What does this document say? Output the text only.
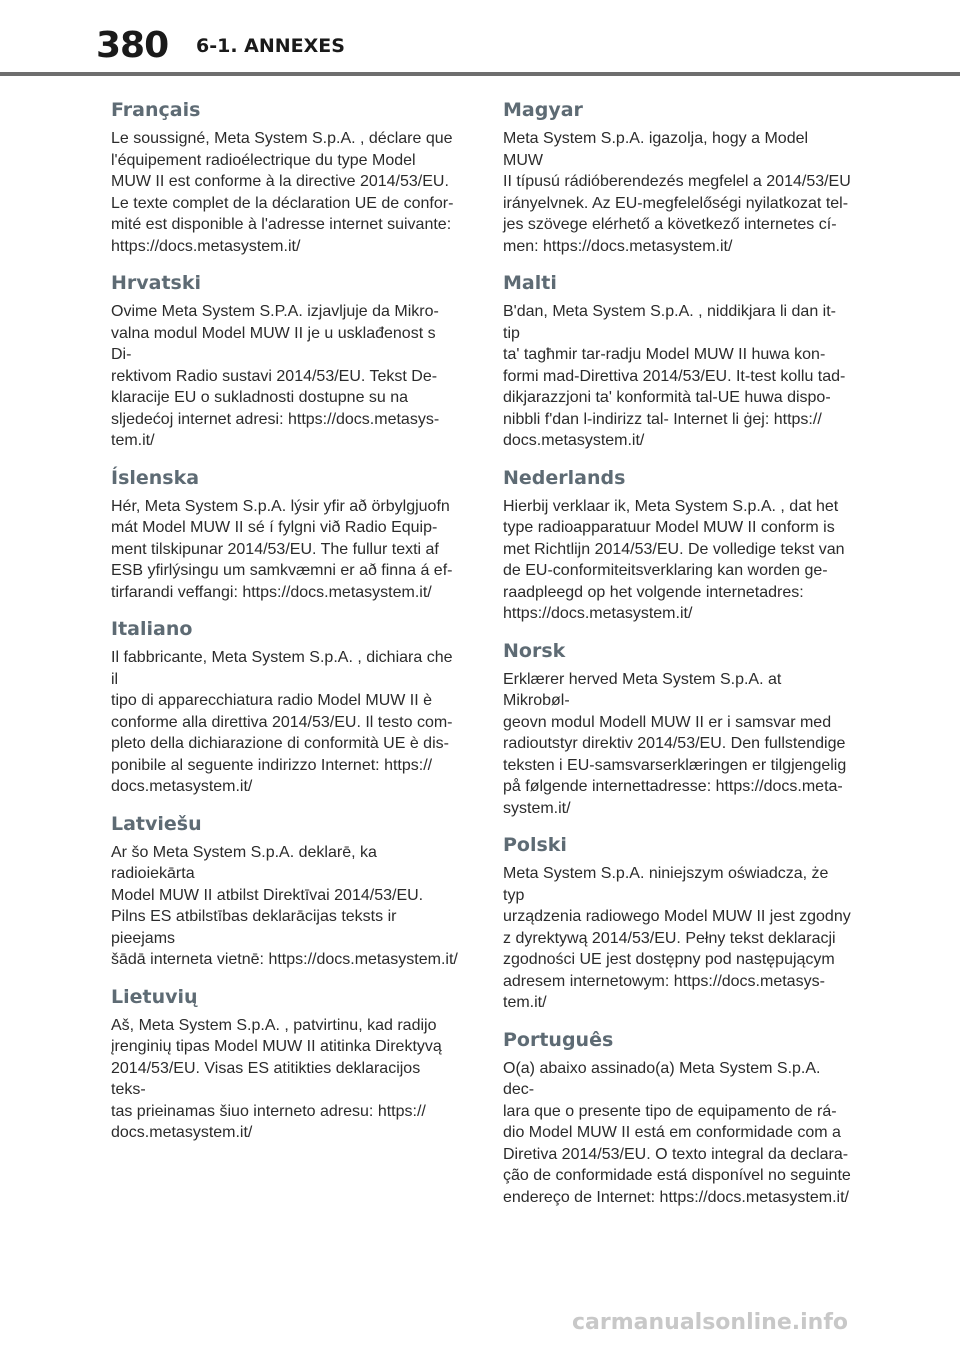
380 6-1. ANNEXES
Français

Le soussigné, Meta System S.p.A. , déclare que
l'équipement radioélectrique du type Model
MUW II est conforme à la directive 2014/53/EU.
Le texte complet de la déclaration UE de confor-
mité est disponible à l'adresse internet suivante:
https://docs.metasystem.it/

Hrvatski

Ovime Meta System S.P.A. izjavljuje da Mikro-
valna modul Model MUW II je u usklađenost s Di-
rektivom Radio sustavi 2014/53/EU. Tekst De-
klaracije EU o sukladnosti dostupne su na
sljedećoj internet adresi: https://docs.metasys-
tem.it/

Íslenska

Hér, Meta System S.p.A. lýsir yfir að örbylgjuofn
mát Model MUW II sé í fylgni við Radio Equip-
ment tilskipunar 2014/53/EU. The fullur texti af
ESB yfirlýsingu um samkvæmni er að finna á ef-
tirfarandi veffangi: https://docs.metasystem.it/

Italiano

Il fabbricante, Meta System S.p.A. , dichiara che il
tipo di apparecchiatura radio Model MUW II è
conforme alla direttiva 2014/53/EU. Il testo com-
pleto della dichiarazione di conformità UE è dis-
ponibile al seguente indirizzo Internet: https://
docs.metasystem.it/

Latviešu

Ar šo Meta System S.p.A. deklarē, ka radioiekārta
Model MUW II atbilst Direktīvai 2014/53/EU.
Pilns ES atbilstības deklarācijas teksts ir pieejams
šādā interneta vietnē: https://docs.metasystem.it/

Lietuvių

Aš, Meta System S.p.A. , patvirtinu, kad radijo
įrenginių tipas Model MUW II atitinka Direktyvą
2014/53/EU. Visas ES atitikties deklaracijos teks-
tas prieinamas šiuo interneto adresu: https://
docs.metasystem.it/

Magyar

Meta System S.p.A. igazolja, hogy a Model MUW
II típusú rádióberendezés megfelel a 2014/53/EU
irányelvnek. Az EU-megfelelőségi nyilatkozat tel-
jes szövege elérhető a következő internetes cí-
men: https://docs.metasystem.it/

Malti

B'dan, Meta System S.p.A. , niddikjara li dan it-tip
ta' tagħmir tar-radju Model MUW II huwa kon-
formi mad-Direttiva 2014/53/EU. It-test kollu tad-
dikjarazzjoni ta' konformità tal-UE huwa dispo-
nibbli f'dan l-indirizz tal- Internet li ġej: https://
docs.metasystem.it/

Nederlands

Hierbij verklaar ik, Meta System S.p.A. , dat het
type radioapparatuur Model MUW II conform is
met Richtlijn 2014/53/EU. De volledige tekst van
de EU-conformiteitsverklaring kan worden ge-
raadpleegd op het volgende internetadres:
https://docs.metasystem.it/

Norsk

Erklærer herved Meta System S.p.A. at Mikrobøl-
geovn modul Modell MUW II er i samsvar med
radioutstyr direktiv 2014/53/EU. Den fullstendige
teksten i EU-samsvarserklæringen er tilgjengelig
på følgende internettadresse: https://docs.meta-
system.it/

Polski

Meta System S.p.A. niniejszym oświadcza, że typ
urządzenia radiowego Model MUW II jest zgodny
z dyrektywą 2014/53/EU. Pełny tekst deklaracji
zgodności UE jest dostępny pod następującym
adresem internetowym: https://docs.metasys-
tem.it/

Português

O(a) abaixo assinado(a) Meta System S.p.A. dec-
lara que o presente tipo de equipamento de rá-
dio Model MUW II está em conformidade com a
Diretiva 2014/53/EU. O texto integral da declara-
ção de conformidade está disponível no seguinte
endereço de Internet: https://docs.metasystem.it/

carmanualsonline.info
